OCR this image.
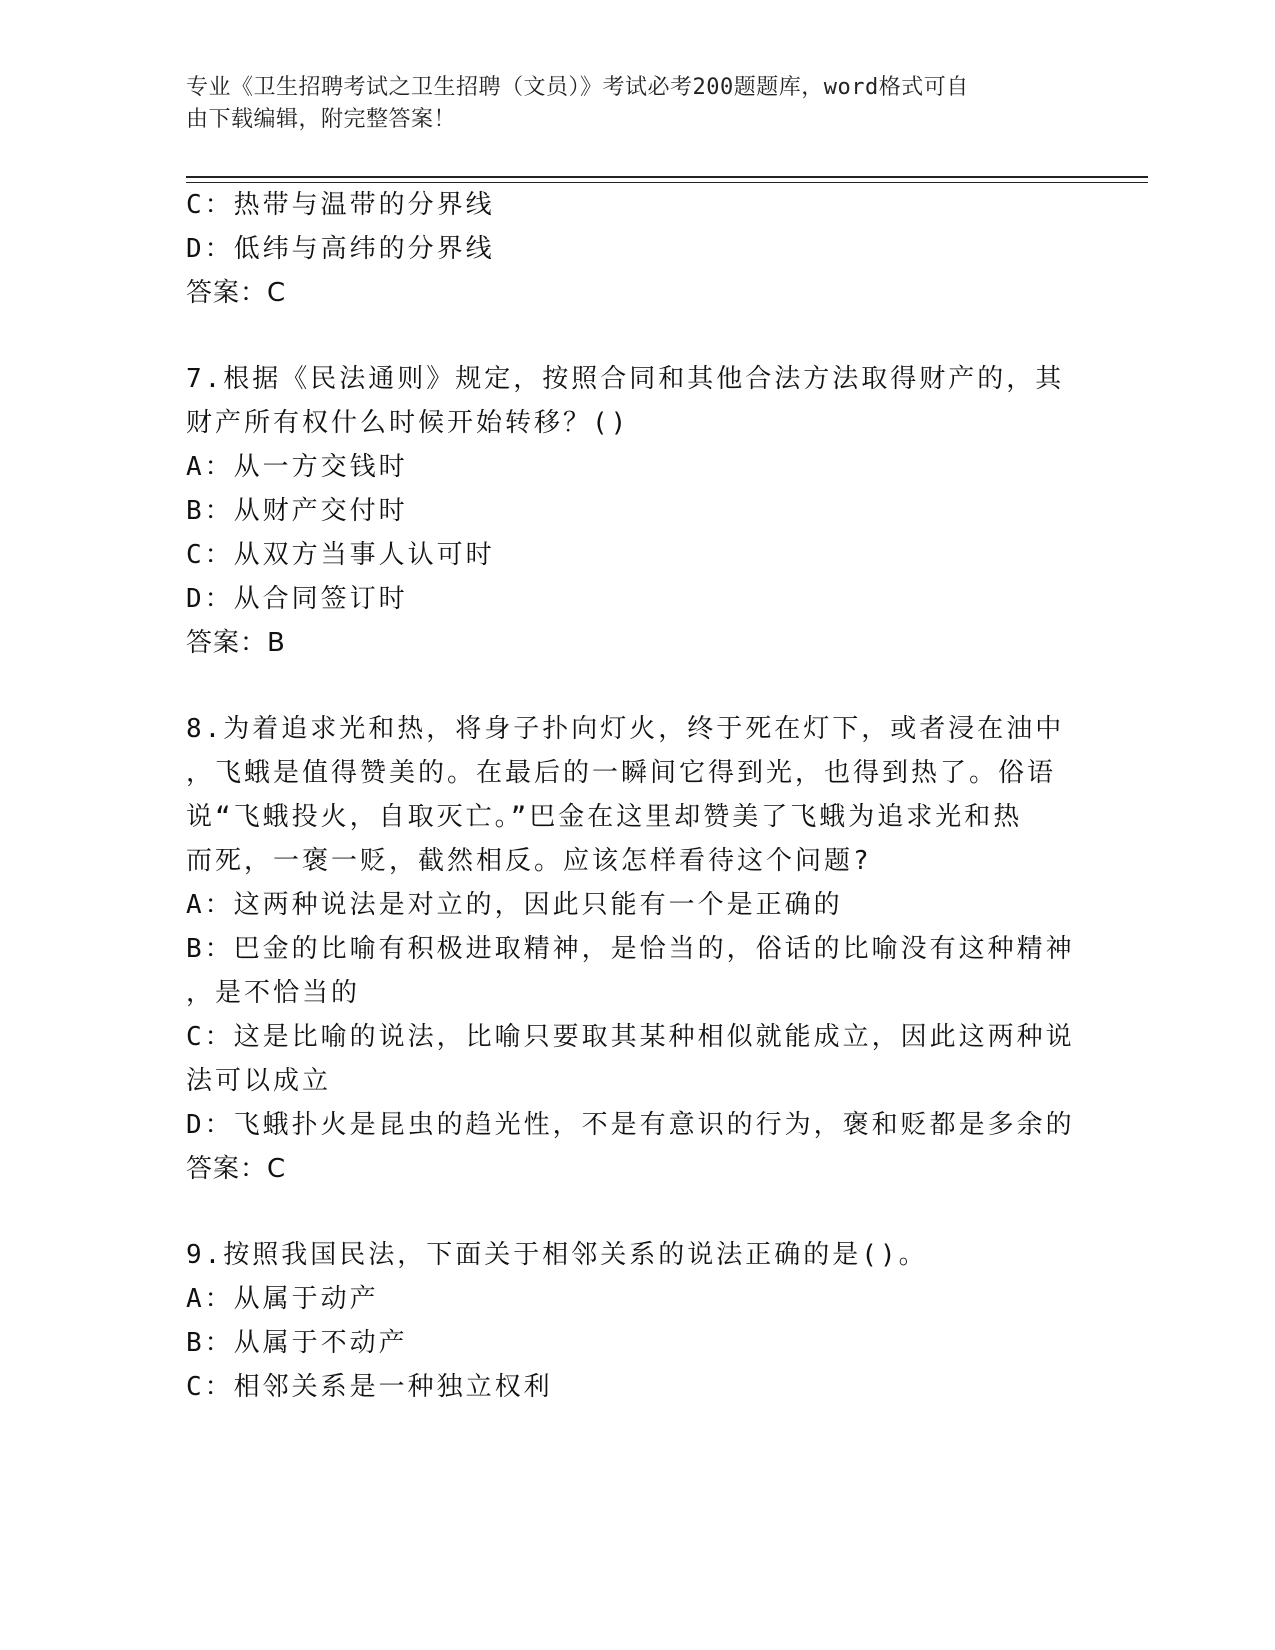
专业《卫生招聘考试之卫生招聘（文员）》考试必考200题题库，word格式可自
由下载编辑，附完整答案！
C：热带与温带的分界线
D：低纬与高纬的分界线
答案：C
7.根据《民法通则》规定，按照合同和其他合法方法取得财产的，其
财产所有权什么时候开始转移？()
A：从一方交钱时
B：从财产交付时
C：从双方当事人认可时
D：从合同签订时
答案：B
8.为着追求光和热，将身子扑向灯火，终于死在灯下，或者浸在油中
，飞蛾是值得赞美的。在最后的一瞬间它得到光，也得到热了。俗语
说“飞蛾投火，自取灭亡。”巴金在这里却赞美了飞蛾为追求光和热
而死，一褒一贬，截然相反。应该怎样看待这个问题?
A：这两种说法是对立的，因此只能有一个是正确的
B：巴金的比喻有积极进取精神，是恰当的，俗话的比喻没有这种精神
，是不恰当的
C：这是比喻的说法，比喻只要取其某种相似就能成立，因此这两种说
法可以成立
D：飞蛾扑火是昆虫的趋光性，不是有意识的行为，褒和贬都是多余的
答案：C
9.按照我国民法，下面关于相邻关系的说法正确的是()。
A：从属于动产
B：从属于不动产
C：相邻关系是一种独立权利
